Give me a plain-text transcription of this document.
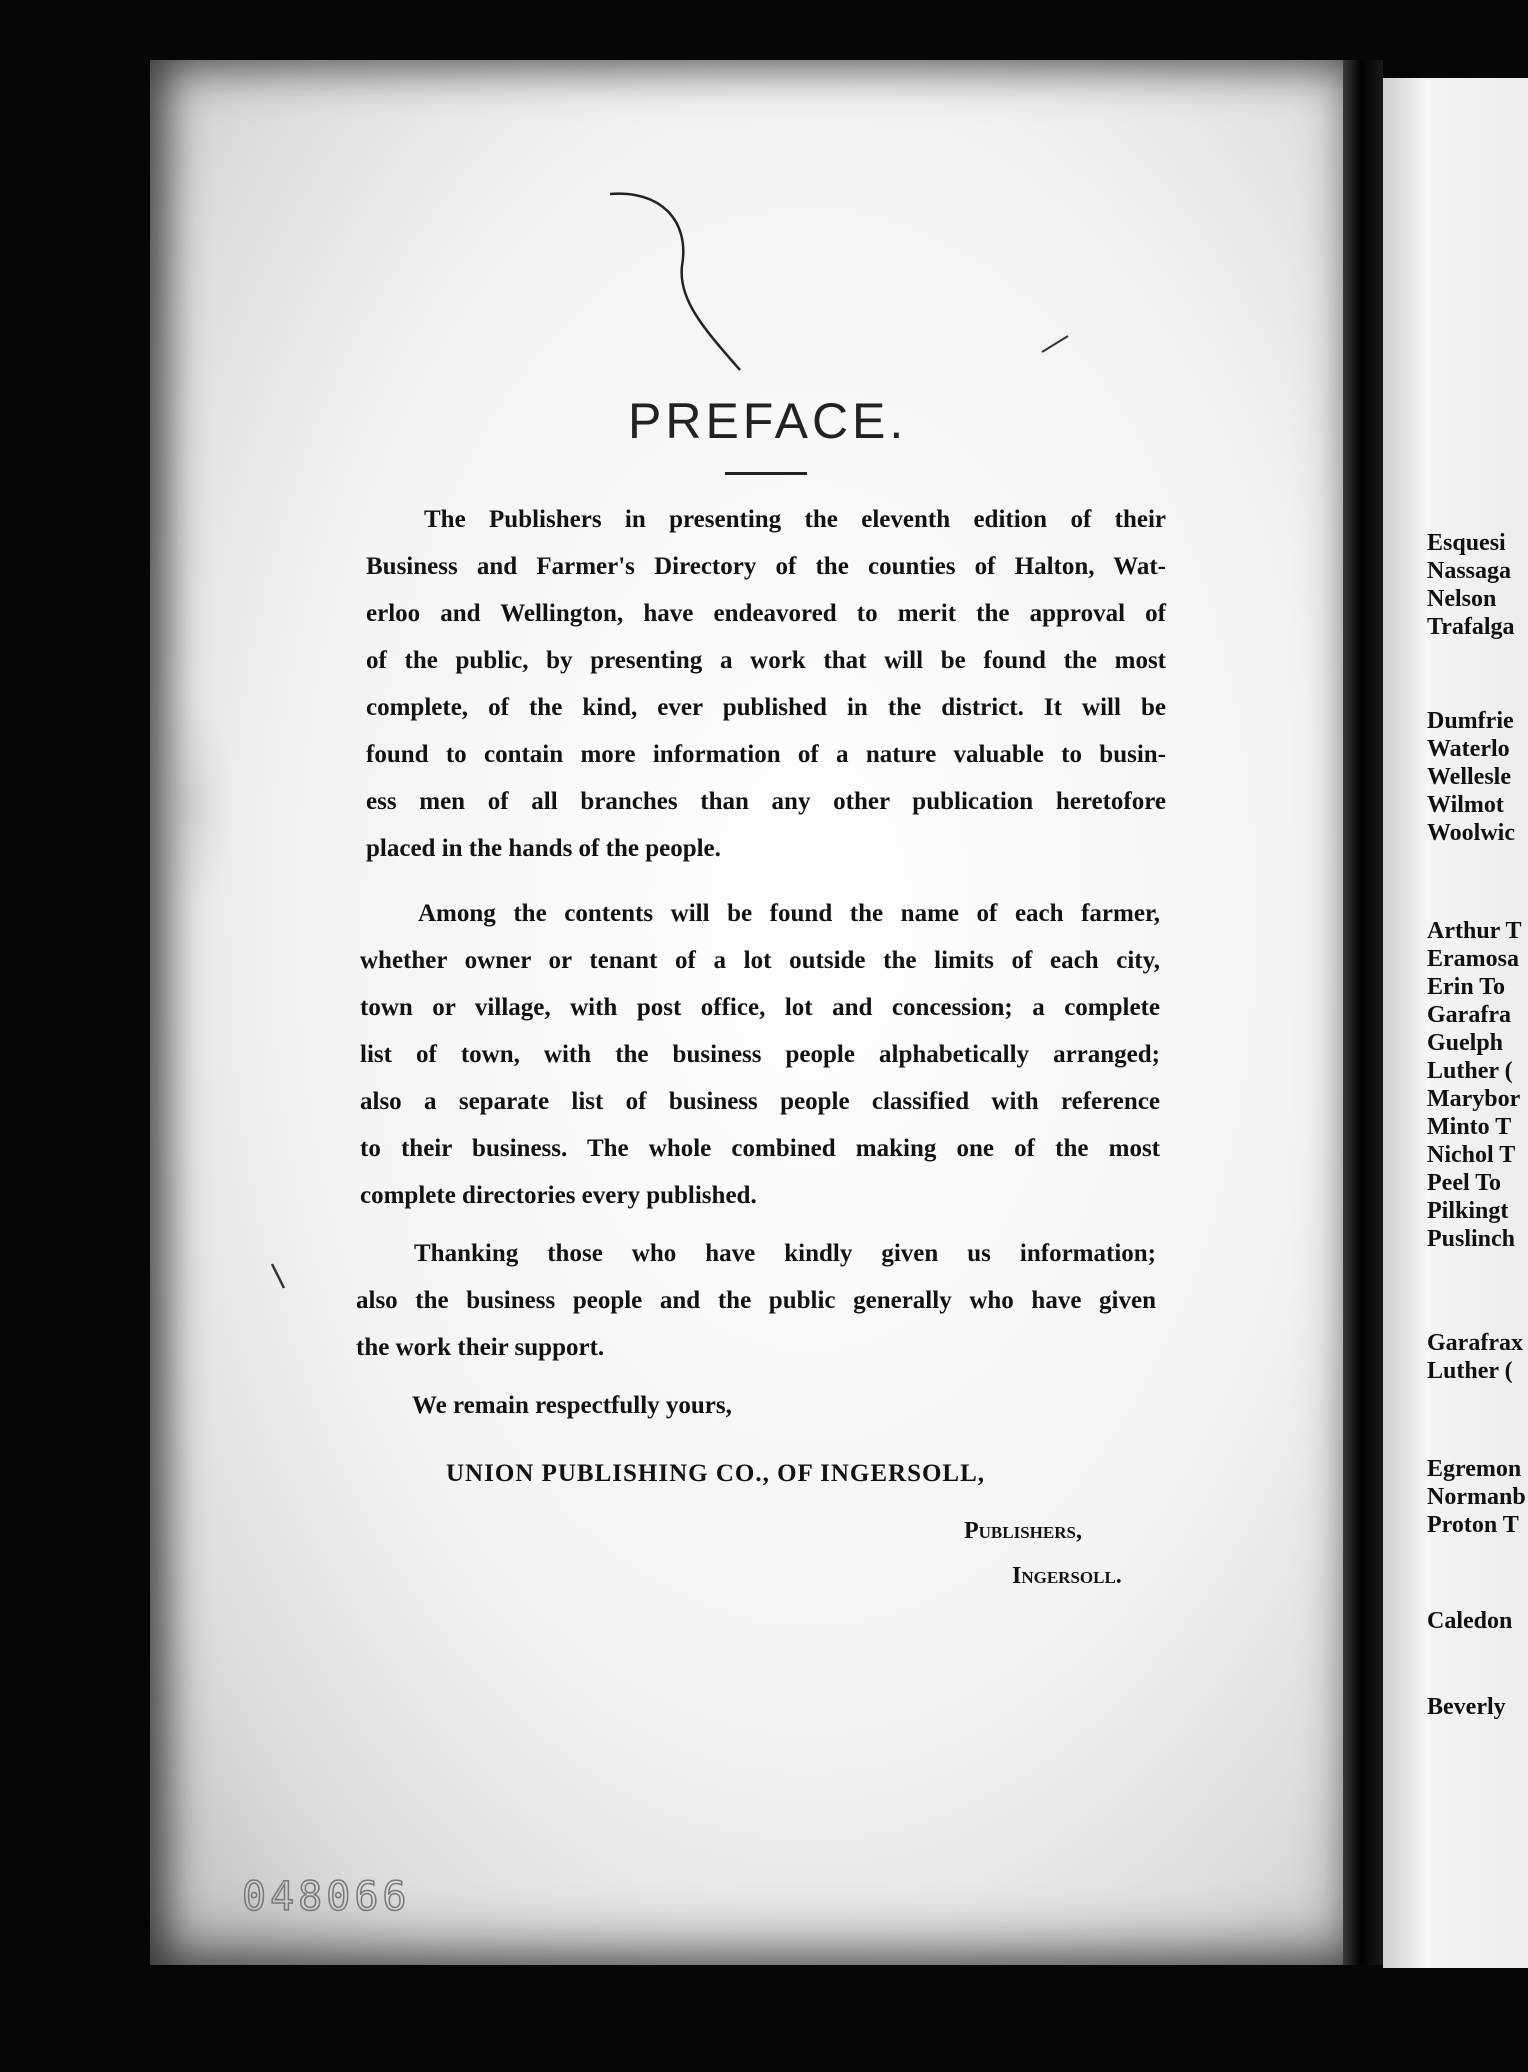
PREFACE.
The Publishers in presenting the eleventh edition of their
Business and Farmer's Directory of the counties of Halton, Wat-
erloo and Wellington, have endeavored to merit the approval of
of the public, by presenting a work that will be found the most
complete, of the kind, ever published in the district. It will be
found to contain more information of a nature valuable to busin-
ess men of all branches than any other publication heretofore
placed in the hands of the people.
Among the contents will be found the name of each farmer,
whether owner or tenant of a lot outside the limits of each city,
town or village, with post office, lot and concession; a complete
list of town, with the business people alphabetically arranged;
also a separate list of business people classified with reference
to their business. The whole combined making one of the most
complete directories every published.
Thanking those who have kindly given us information;
also the business people and the public generally who have given
the work their support.
We remain respectfully yours,
UNION PUBLISHING CO., OF INGERSOLL,
Publishers,
Ingersoll.
048066
Esquesi
Nassaga
Nelson
Trafalga
Dumfrie
Waterlo
Wellesle
Wilmot
Woolwic
Arthur T
Eramosa
Erin To
Garafra
Guelph
Luther (
Marybor
Minto T
Nichol T
Peel To
Pilkingt
Puslinch
Garafrax
Luther (
Egremon
Normanb
Proton T
Caledon
Beverly
